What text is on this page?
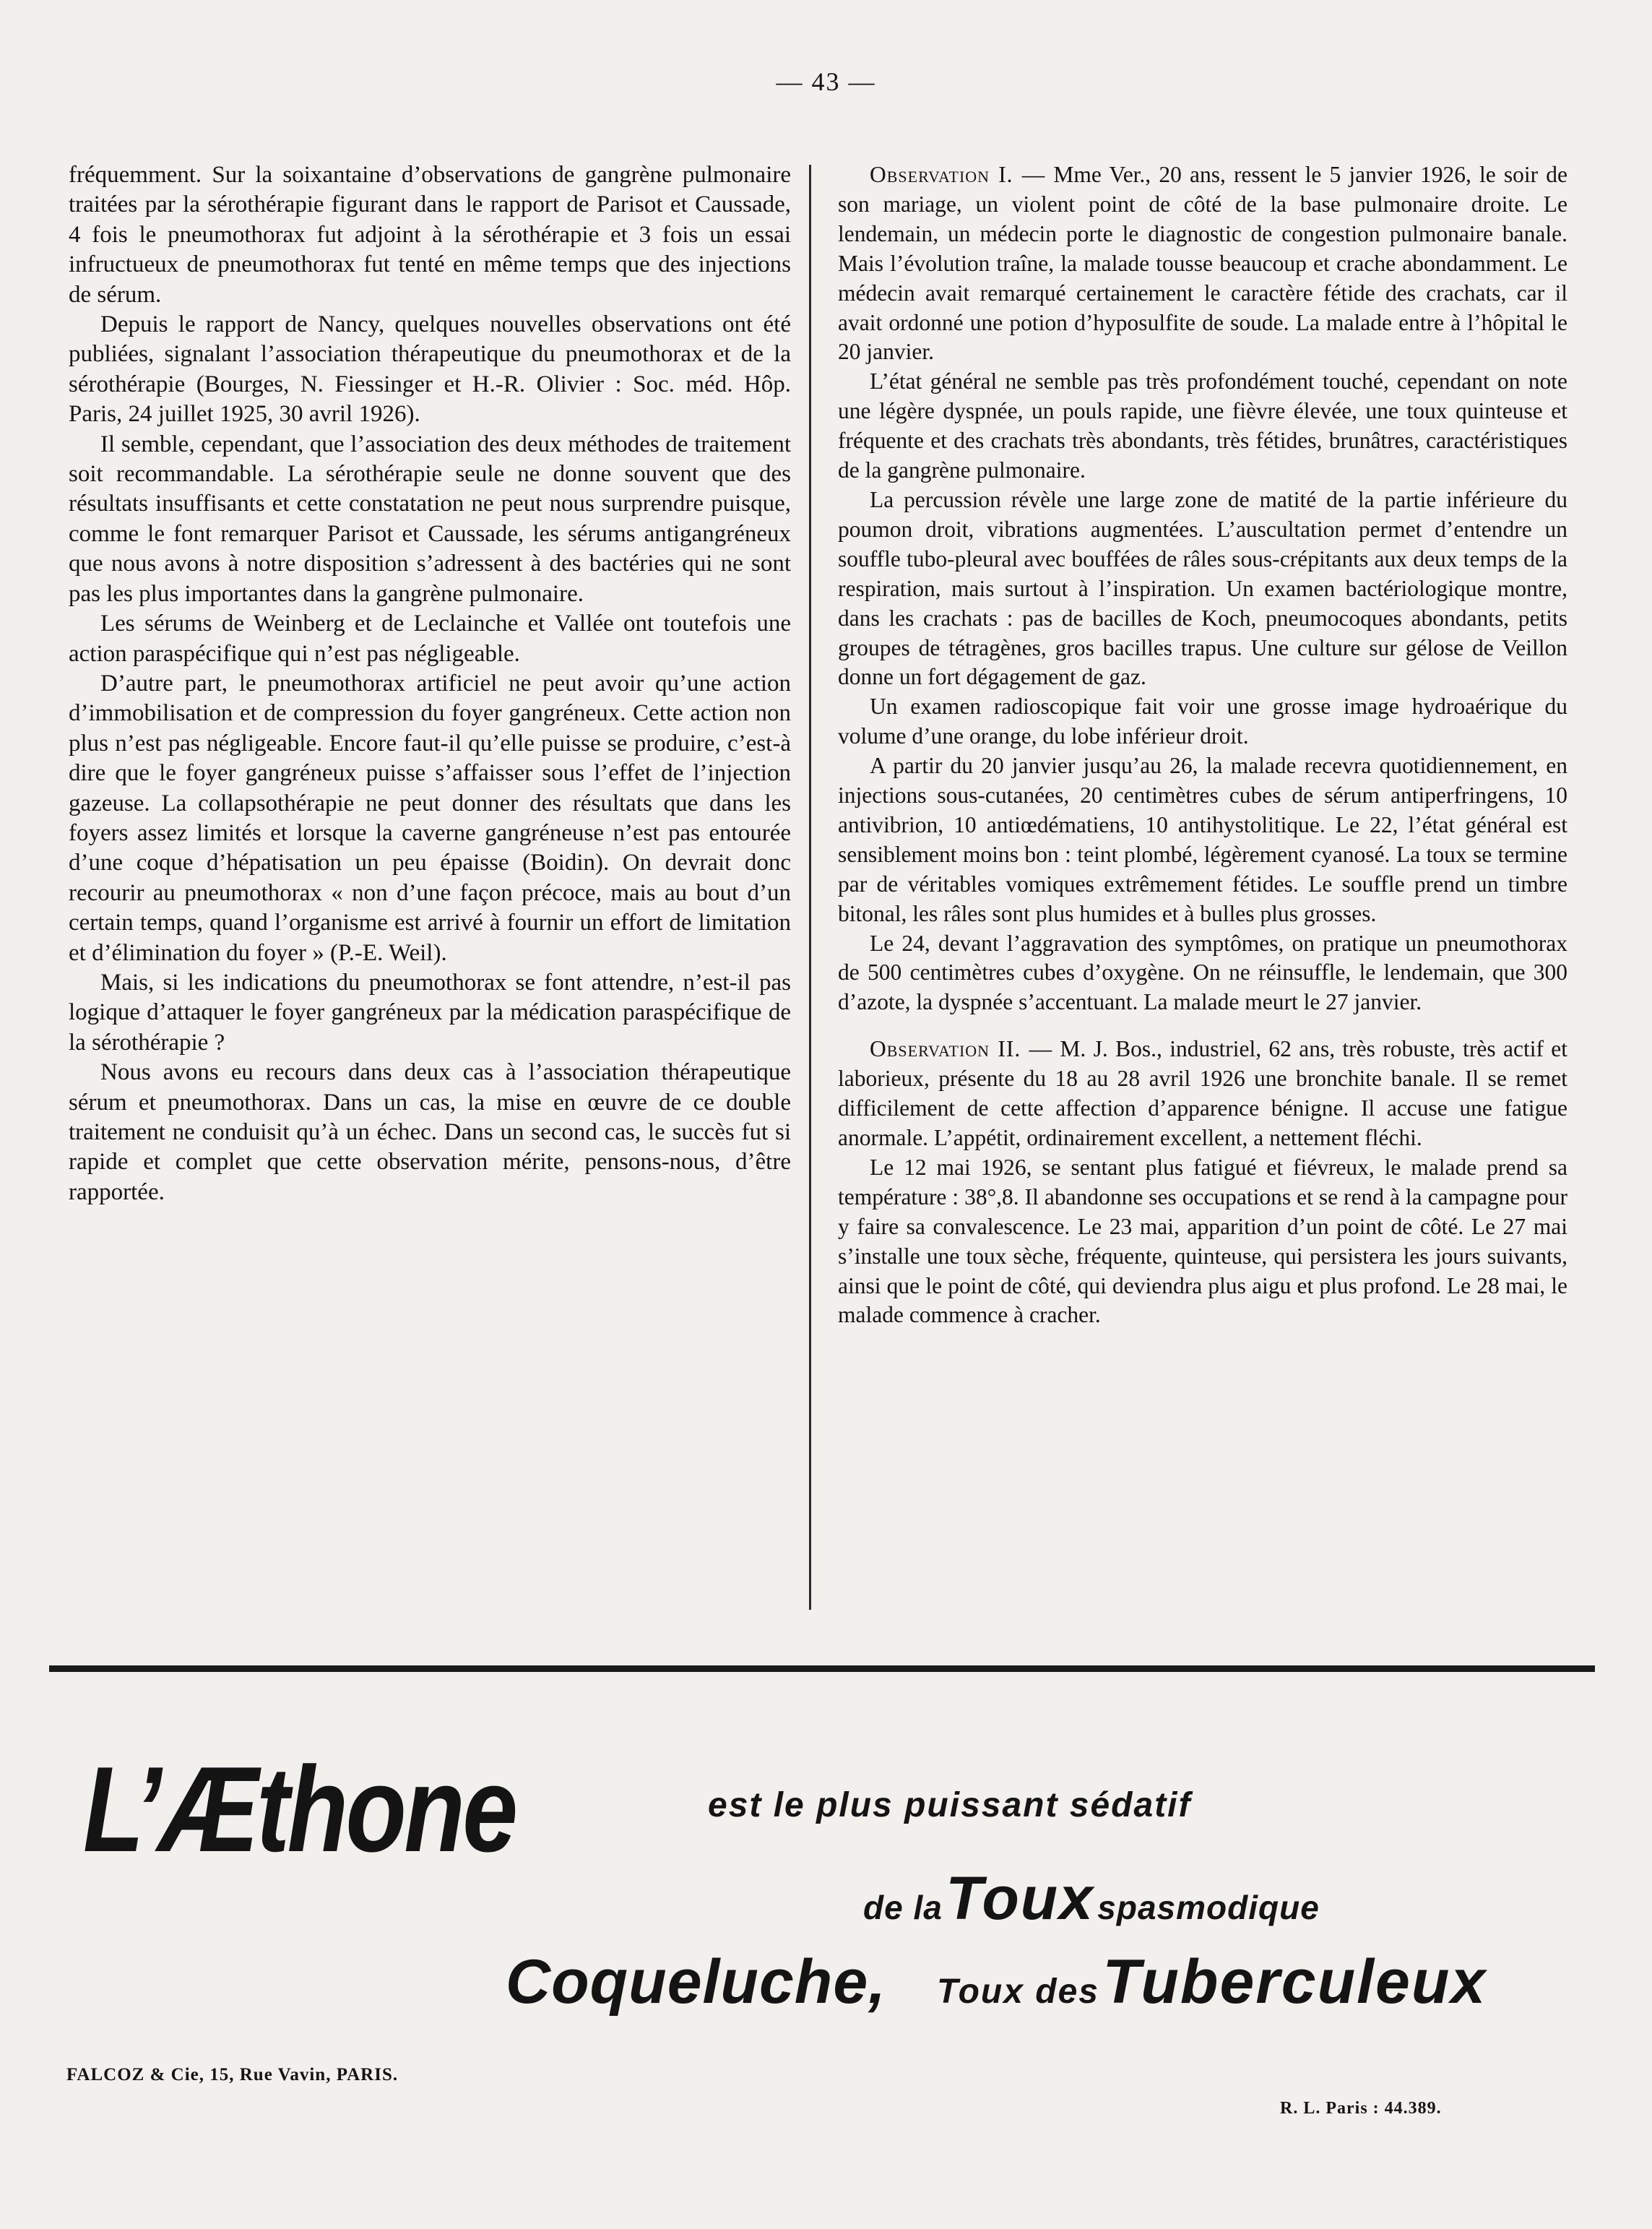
— 43 —

fréquemment. Sur la soixantaine d’observations de gangrène pulmonaire traitées par la sérothérapie figurant dans le rapport de Parisot et Caussade, 4 fois le pneumothorax fut adjoint à la sérothérapie et 3 fois un essai infructueux de pneumothorax fut tenté en même temps que des injections de sérum.

Depuis le rapport de Nancy, quelques nouvelles observations ont été publiées, signalant l’association thérapeutique du pneumothorax et de la sérothérapie (Bourges, N. Fiessinger et H.-R. Olivier : Soc. méd. Hôp. Paris, 24 juillet 1925, 30 avril 1926).

Il semble, cependant, que l’association des deux méthodes de traitement soit recommandable. La sérothérapie seule ne donne souvent que des résultats insuffisants et cette constatation ne peut nous surprendre puisque, comme le font remarquer Parisot et Caussade, les sérums antigangréneux que nous avons à notre disposition s’adressent à des bactéries qui ne sont pas les plus importantes dans la gangrène pulmonaire.

Les sérums de Weinberg et de Leclainche et Vallée ont toutefois une action paraspécifique qui n’est pas négligeable.

D’autre part, le pneumothorax artificiel ne peut avoir qu’une action d’immobilisation et de compression du foyer gangréneux. Cette action non plus n’est pas négligeable. Encore faut-il qu’elle puisse se produire, c’est-à dire que le foyer gangréneux puisse s’affaisser sous l’effet de l’injection gazeuse. La collapsothérapie ne peut donner des résultats que dans les foyers assez limités et lorsque la caverne gangréneuse n’est pas entourée d’une coque d’hépatisation un peu épaisse (Boidin). On devrait donc recourir au pneumothorax « non d’une façon précoce, mais au bout d’un certain temps, quand l’organisme est arrivé à fournir un effort de limitation et d’élimination du foyer » (P.-E. Weil).

Mais, si les indications du pneumothorax se font attendre, n’est-il pas logique d’attaquer le foyer gangréneux par la médication paraspécifique de la sérothérapie ?

Nous avons eu recours dans deux cas à l’association thérapeutique sérum et pneumothorax. Dans un cas, la mise en œuvre de ce double traitement ne conduisit qu’à un échec. Dans un second cas, le succès fut si rapide et complet que cette observation mérite, pensons-nous, d’être rapportée.

Observation I. — Mme Ver., 20 ans, ressent le 5 janvier 1926, le soir de son mariage, un violent point de côté de la base pulmonaire droite. Le lendemain, un médecin porte le diagnostic de congestion pulmonaire banale. Mais l’évolution traîne, la malade tousse beaucoup et crache abondamment. Le médecin avait remarqué certainement le caractère fétide des crachats, car il avait ordonné une potion d’hyposulfite de soude. La malade entre à l’hôpital le 20 janvier.

L’état général ne semble pas très profondément touché, cependant on note une légère dyspnée, un pouls rapide, une fièvre élevée, une toux quinteuse et fréquente et des crachats très abondants, très fétides, brunâtres, caractéristiques de la gangrène pulmonaire.

La percussion révèle une large zone de matité de la partie inférieure du poumon droit, vibrations augmentées. L’auscultation permet d’entendre un souffle tubo-pleural avec bouffées de râles sous-crépitants aux deux temps de la respiration, mais surtout à l’inspiration. Un examen bactériologique montre, dans les crachats : pas de bacilles de Koch, pneumocoques abondants, petits groupes de tétragènes, gros bacilles trapus. Une culture sur gélose de Veillon donne un fort dégagement de gaz.

Un examen radioscopique fait voir une grosse image hydroaérique du volume d’une orange, du lobe inférieur droit.

A partir du 20 janvier jusqu’au 26, la malade recevra quotidiennement, en injections sous-cutanées, 20 centimètres cubes de sérum antiperfringens, 10 antivibrion, 10 antiœdématiens, 10 antihystolitique. Le 22, l’état général est sensiblement moins bon : teint plombé, légèrement cyanosé. La toux se termine par de véritables vomiques extrêmement fétides. Le souffle prend un timbre bitonal, les râles sont plus humides et à bulles plus grosses.

Le 24, devant l’aggravation des symptômes, on pratique un pneumothorax de 500 centimètres cubes d’oxygène. On ne réinsuffle, le lendemain, que 300 d’azote, la dyspnée s’accentuant. La malade meurt le 27 janvier.

Observation II. — M. J. Bos., industriel, 62 ans, très robuste, très actif et laborieux, présente du 18 au 28 avril 1926 une bronchite banale. Il se remet difficilement de cette affection d’apparence bénigne. Il accuse une fatigue anormale. L’appétit, ordinairement excellent, a nettement fléchi.

Le 12 mai 1926, se sentant plus fatigué et fiévreux, le malade prend sa température : 38°,8. Il abandonne ses occupations et se rend à la campagne pour y faire sa convalescence. Le 23 mai, apparition d’un point de côté. Le 27 mai s’installe une toux sèche, fréquente, quinteuse, qui persistera les jours suivants, ainsi que le point de côté, qui deviendra plus aigu et plus profond. Le 28 mai, le malade commence à cracher.

L’Æthone	est le plus puissant sédatif
de la Toux spasmodique
Coqueluche, Toux des Tuberculeux
FALCOZ & Cie, 15, Rue Vavin, PARIS.
R. L. Paris : 44.389.
